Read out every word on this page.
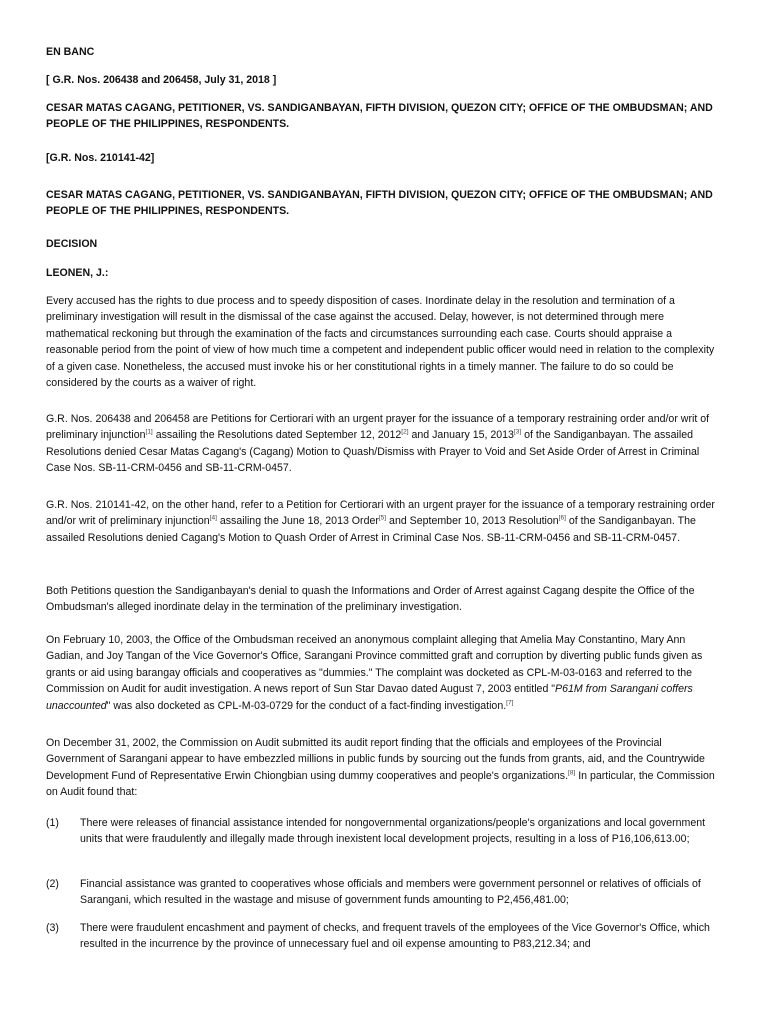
EN BANC

[ G.R. Nos. 206438 and 206458, July 31, 2018 ]

CESAR MATAS CAGANG, PETITIONER, VS. SANDIGANBAYAN, FIFTH DIVISION, QUEZON CITY; OFFICE OF THE OMBUDSMAN; AND PEOPLE OF THE PHILIPPINES, RESPONDENTS.

[G.R. Nos. 210141-42]

CESAR MATAS CAGANG, PETITIONER, VS. SANDIGANBAYAN, FIFTH DIVISION, QUEZON CITY; OFFICE OF THE OMBUDSMAN; AND PEOPLE OF THE PHILIPPINES, RESPONDENTS.

DECISION

LEONEN, J.:

Every accused has the rights to due process and to speedy disposition of cases. Inordinate delay in the resolution and termination of a preliminary investigation will result in the dismissal of the case against the accused. Delay, however, is not determined through mere mathematical reckoning but through the examination of the facts and circumstances surrounding each case. Courts should appraise a reasonable period from the point of view of how much time a competent and independent public officer would need in relation to the complexity of a given case. Nonetheless, the accused must invoke his or her constitutional rights in a timely manner. The failure to do so could be considered by the courts as a waiver of right.

G.R. Nos. 206438 and 206458 are Petitions for Certiorari with an urgent prayer for the issuance of a temporary restraining order and/or writ of preliminary injunction[1] assailing the Resolutions dated September 12, 2012[2] and January 15, 2013[3] of the Sandiganbayan. The assailed Resolutions denied Cesar Matas Cagang's (Cagang) Motion to Quash/Dismiss with Prayer to Void and Set Aside Order of Arrest in Criminal Case Nos. SB-11-CRM-0456 and SB-11-CRM-0457.

G.R. Nos. 210141-42, on the other hand, refer to a Petition for Certiorari with an urgent prayer for the issuance of a temporary restraining order and/or writ of preliminary injunction[4] assailing the June 18, 2013 Order[5] and September 10, 2013 Resolution[6] of the Sandiganbayan. The assailed Resolutions denied Cagang's Motion to Quash Order of Arrest in Criminal Case Nos. SB-11-CRM-0456 and SB-11-CRM-0457.

Both Petitions question the Sandiganbayan's denial to quash the Informations and Order of Arrest against Cagang despite the Office of the Ombudsman's alleged inordinate delay in the termination of the preliminary investigation.

On February 10, 2003, the Office of the Ombudsman received an anonymous complaint alleging that Amelia May Constantino, Mary Ann Gadian, and Joy Tangan of the Vice Governor's Office, Sarangani Province committed graft and corruption by diverting public funds given as grants or aid using barangay officials and cooperatives as "dummies." The complaint was docketed as CPL-M-03-0163 and referred to the Commission on Audit for audit investigation. A news report of Sun Star Davao dated August 7, 2003 entitled "P61M from Sarangani coffers unaccounted" was also docketed as CPL-M-03-0729 for the conduct of a fact-finding investigation.[7]

On December 31, 2002, the Commission on Audit submitted its audit report finding that the officials and employees of the Provincial Government of Sarangani appear to have embezzled millions in public funds by sourcing out the funds from grants, aid, and the Countrywide Development Fund of Representative Erwin Chiongbian using dummy cooperatives and people's organizations.[8] In particular, the Commission on Audit found that:

(1)	There were releases of financial assistance intended for nongovernmental organizations/people's organizations and local government units that were fraudulently and illegally made through inexistent local development projects, resulting in a loss of P16,106,613.00;

(2)	Financial assistance was granted to cooperatives whose officials and members were government personnel or relatives of officials of Sarangani, which resulted in the wastage and misuse of government funds amounting to P2,456,481.00;

(3)	There were fraudulent encashment and payment of checks, and frequent travels of the employees of the Vice Governor's Office, which resulted in the incurrence by the province of unnecessary fuel and oil expense amounting to P83,212.34; and
